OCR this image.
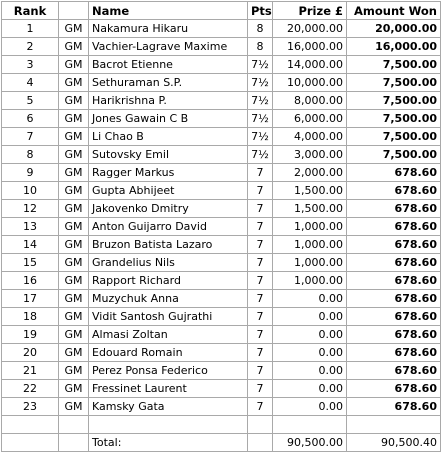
Rank		Name	Pts	Prize £	Amount Won
1	GM	Nakamura Hikaru	8	20,000.00	20,000.00
2	GM	Vachier-Lagrave Maxime	8	16,000.00	16,000.00
3	GM	Bacrot Etienne	7½	14,000.00	7,500.00
4	GM	Sethuraman S.P.	7½	10,000.00	7,500.00
5	GM	Harikrishna P.	7½	8,000.00	7,500.00
6	GM	Jones Gawain C B	7½	6,000.00	7,500.00
7	GM	Li Chao B	7½	4,000.00	7,500.00
8	GM	Sutovsky Emil	7½	3,000.00	7,500.00
9	GM	Ragger Markus	7	2,000.00	678.60
10	GM	Gupta Abhijeet	7	1,500.00	678.60
12	GM	Jakovenko Dmitry	7	1,500.00	678.60
13	GM	Anton Guijarro David	7	1,000.00	678.60
14	GM	Bruzon Batista Lazaro	7	1,000.00	678.60
15	GM	Grandelius Nils	7	1,000.00	678.60
16	GM	Rapport Richard	7	1,000.00	678.60
17	GM	Muzychuk Anna	7	0.00	678.60
18	GM	Vidit Santosh Gujrathi	7	0.00	678.60
19	GM	Almasi Zoltan	7	0.00	678.60
20	GM	Edouard Romain	7	0.00	678.60
21	GM	Perez Ponsa Federico	7	0.00	678.60
22	GM	Fressinet Laurent	7	0.00	678.60
23	GM	Kamsky Gata	7	0.00	678.60

		Total:		90,500.00	90,500.40
